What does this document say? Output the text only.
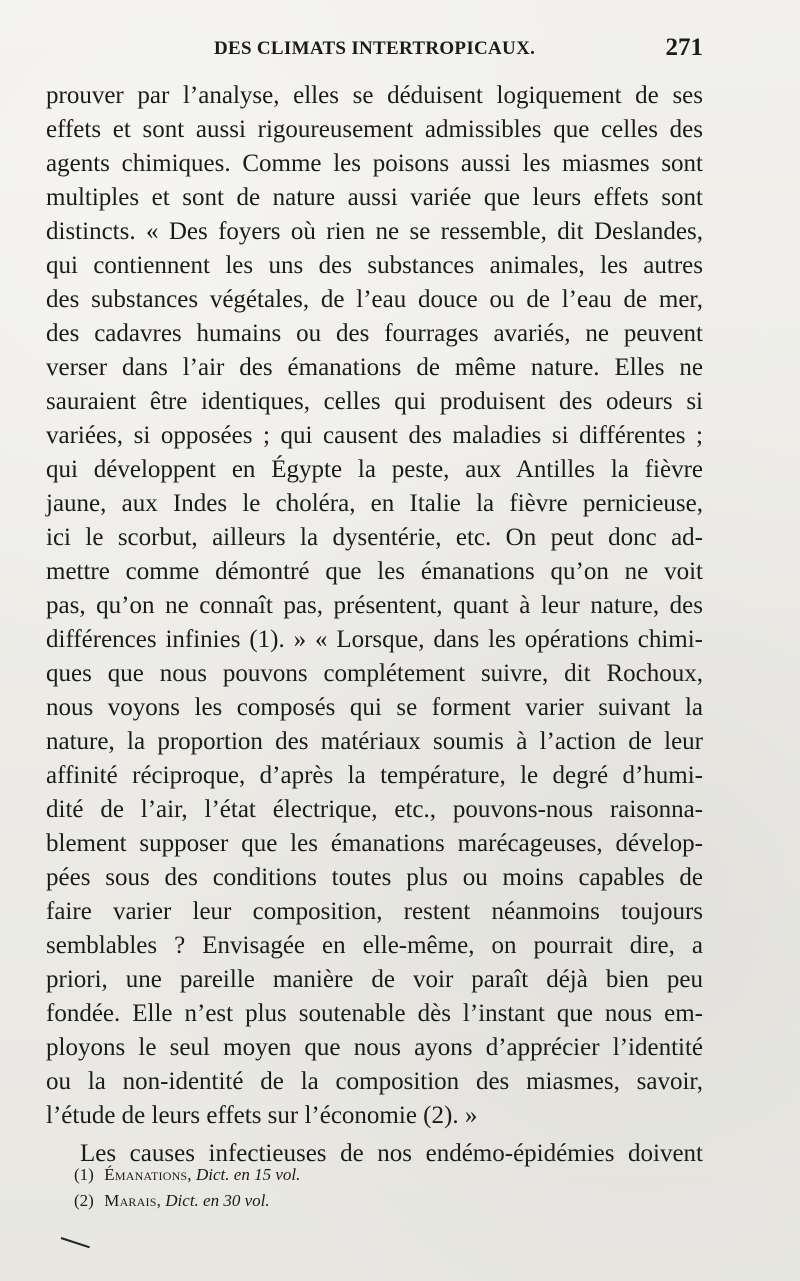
DES CLIMATS INTERTROPICAUX.	271
prouver par l’analyse, elles se déduisent logiquement de ses
effets et sont aussi rigoureusement admissibles que celles des
agents chimiques. Comme les poisons aussi les miasmes sont
multiples et sont de nature aussi variée que leurs effets sont
distincts. « Des foyers où rien ne se ressemble, dit Deslandes,
qui contiennent les uns des substances animales, les autres
des substances végétales, de l’eau douce ou de l’eau de mer,
des cadavres humains ou des fourrages avariés, ne peuvent
verser dans l’air des émanations de même nature. Elles ne
sauraient être identiques, celles qui produisent des odeurs si
variées, si opposées ; qui causent des maladies si différentes ;
qui développent en Égypte la peste, aux Antilles la fièvre
jaune, aux Indes le choléra, en Italie la fièvre pernicieuse,
ici le scorbut, ailleurs la dysentérie, etc. On peut donc ad-
mettre comme démontré que les émanations qu’on ne voit
pas, qu’on ne connaît pas, présentent, quant à leur nature, des
différences infinies (1). » « Lorsque, dans les opérations chimi-
ques que nous pouvons complétement suivre, dit Rochoux,
nous voyons les composés qui se forment varier suivant la
nature, la proportion des matériaux soumis à l’action de leur
affinité réciproque, d’après la température, le degré d’humi-
dité de l’air, l’état électrique, etc., pouvons-nous raisonna-
blement supposer que les émanations marécageuses, dévelop-
pées sous des conditions toutes plus ou moins capables de
faire varier leur composition, restent néanmoins toujours
semblables ? Envisagée en elle-même, on pourrait dire, a
priori, une pareille manière de voir paraît déjà bien peu
fondée. Elle n’est plus soutenable dès l’instant que nous em-
ployons le seul moyen que nous ayons d’apprécier l’identité
ou la non-identité de la composition des miasmes, savoir,
l’étude de leurs effets sur l’économie (2). »
Les causes infectieuses de nos endémo-épidémies doivent
(1) Émanations, Dict. en 15 vol.
(2) Marais, Dict. en 30 vol.
